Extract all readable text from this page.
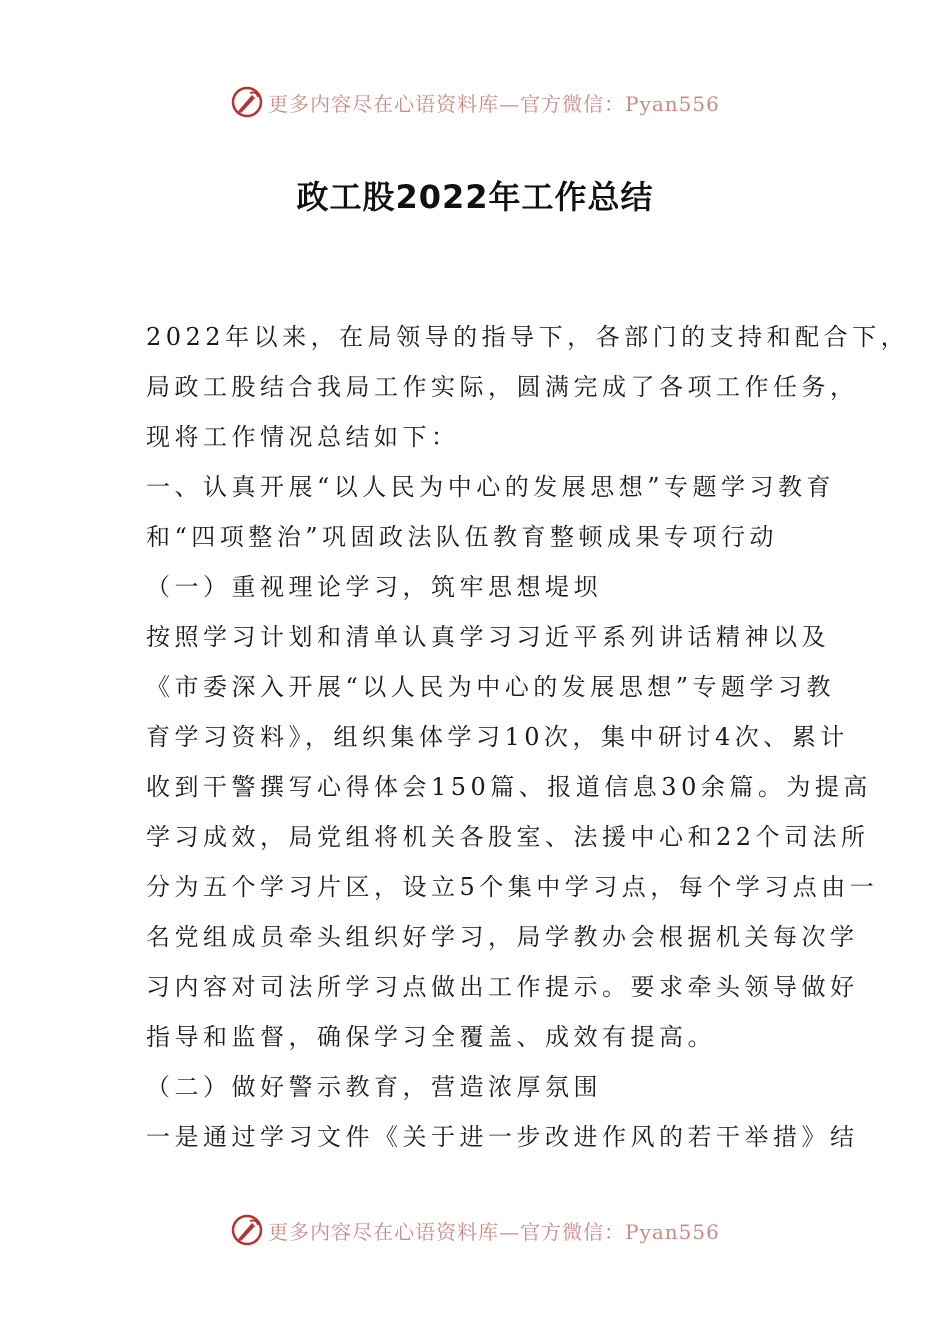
更多内容尽在心语资料库—官方微信：Pyan556
政工股2022年工作总结
2022年以来，在局领导的指导下，各部门的支持和配合下，
局政工股结合我局工作实际，圆满完成了各项工作任务，
现将工作情况总结如下：
一、认真开展“以人民为中心的发展思想”专题学习教育
和“四项整治”巩固政法队伍教育整顿成果专项行动
（一）重视理论学习，筑牢思想堤坝
按照学习计划和清单认真学习习近平系列讲话精神以及
《市委深入开展“以人民为中心的发展思想”专题学习教
育学习资料》，组织集体学习10次，集中研讨4次、累计
收到干警撰写心得体会150篇、报道信息30余篇。为提高
学习成效，局党组将机关各股室、法援中心和22个司法所
分为五个学习片区，设立5个集中学习点，每个学习点由一
名党组成员牵头组织好学习，局学教办会根据机关每次学
习内容对司法所学习点做出工作提示。要求牵头领导做好
指导和监督，确保学习全覆盖、成效有提高。
（二）做好警示教育，营造浓厚氛围
一是通过学习文件《关于进一步改进作风的若干举措》结
更多内容尽在心语资料库—官方微信：Pyan556
